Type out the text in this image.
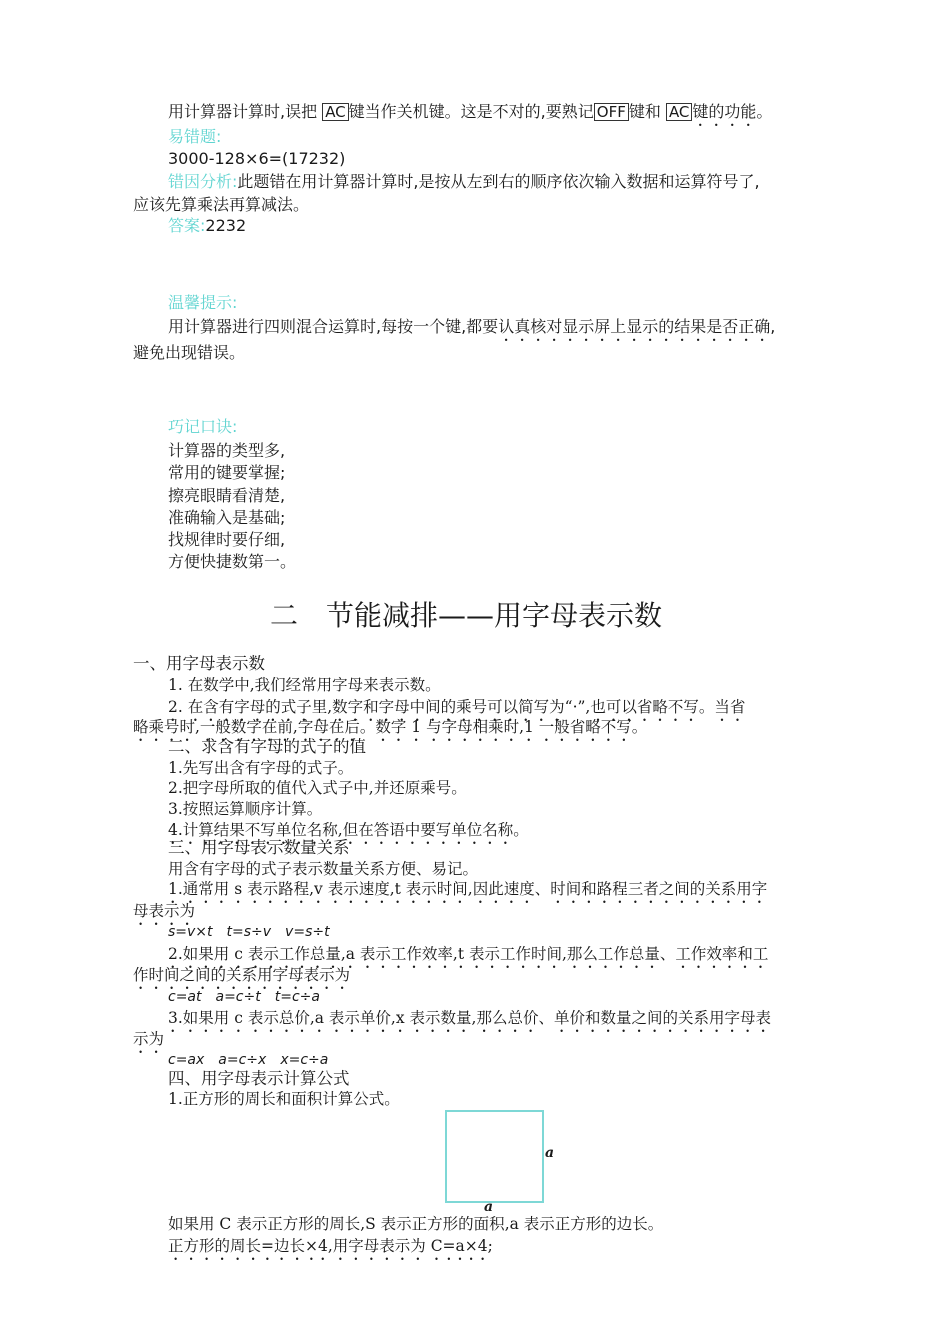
用计算器计算时,误把 AC 键当作关机键。这是不对的,要熟记 OFF 键和 AC 键的功能。
易错题:
3000-128×6=(17232)
错因分析:此题错在用计算器计算时,是按从左到右的顺序依次输入数据和运算符号了,
应该先算乘法再算减法。
答案:2232
温馨提示:
用计算器进行四则混合运算时,每按一个键,都要认真核对显示屏上显示的结果是否正确,
避免出现错误。
巧记口诀:
计算器的类型多,
常用的键要掌握;
擦亮眼睛看清楚,
准确输入是基础;
找规律时要仔细,
方便快捷数第一。
二　节能减排——用字母表示数
一、用字母表示数
1. 在数学中,我们经常用字母来表示数。
2. 在含有字母的式子里,数字和字母中间的乘号可以简写为“·”,也可以省略不写。当省
略乘号时,一般数字在前,字母在后。数字 1 与字母相乘时,1 一般省略不写。
二、求含有字母的式子的值
1.先写出含有字母的式子。
2.把字母所取的值代入式子中,并还原乘号。
3.按照运算顺序计算。
4.计算结果不写单位名称,但在答语中要写单位名称。
三、用字母表示数量关系
用含有字母的式子表示数量关系方便、易记。
1.通常用 s 表示路程,v 表示速度,t 表示时间,因此速度、时间和路程三者之间的关系用字
母表示为
s=v×t　t=s÷v　v=s÷t
2.如果用 c 表示工作总量,a 表示工作效率,t 表示工作时间,那么工作总量、工作效率和工
作时间之间的关系用字母表示为
c=at　a=c÷t　t=c÷a
3.如果用 c 表示总价,a 表示单价,x 表示数量,那么总价、单价和数量之间的关系用字母表
示为
c=ax　a=c÷x　x=c÷a
四、用字母表示计算公式
1.正方形的周长和面积计算公式。
a
a
如果用 C 表示正方形的周长,S 表示正方形的面积,a 表示正方形的边长。
正方形的周长=边长×4,用字母表示为 C=a×4;
